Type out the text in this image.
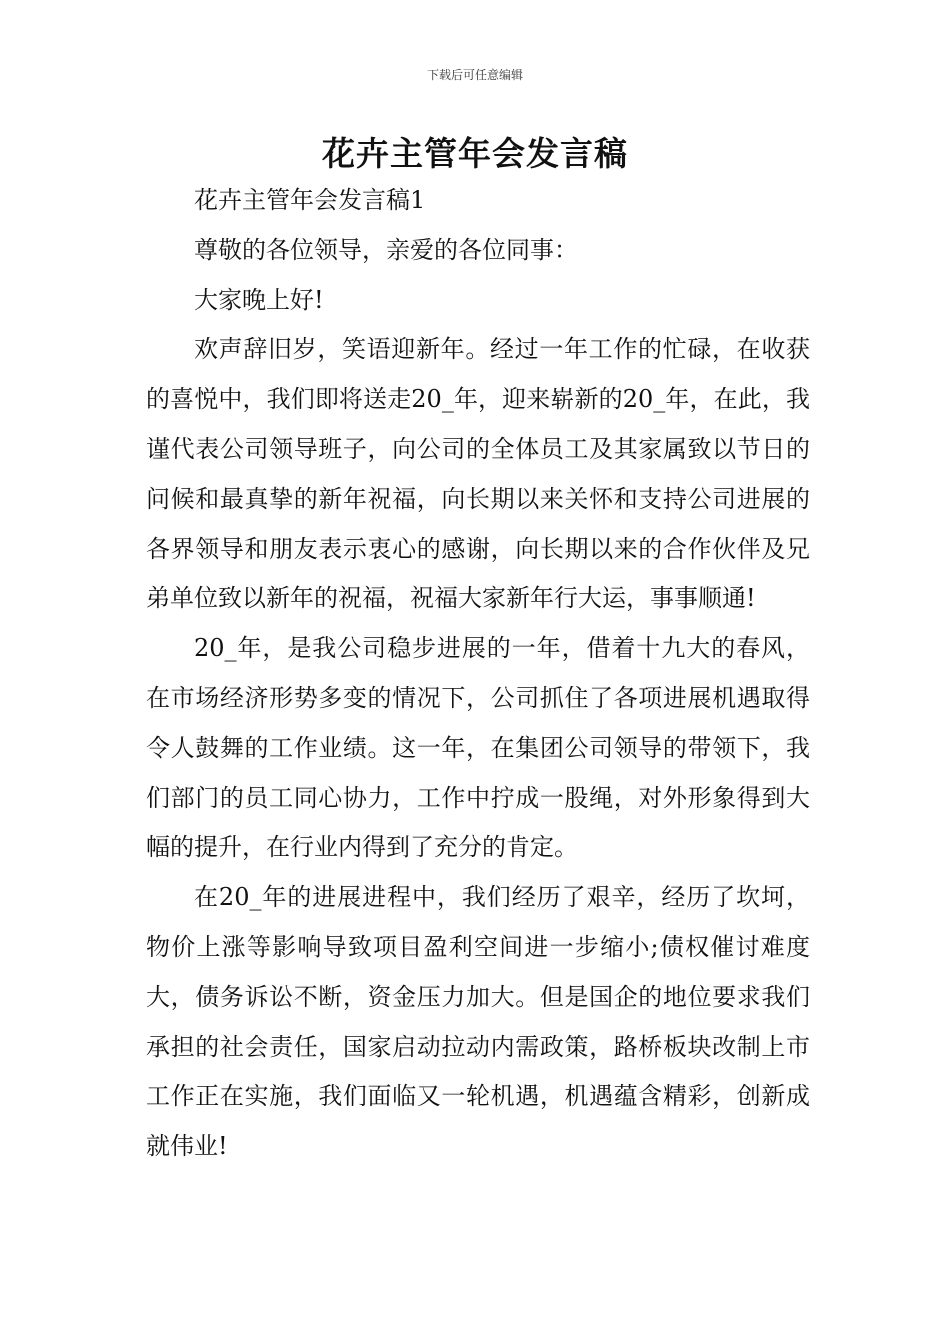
下载后可任意编辑
花卉主管年会发言稿

花卉主管年会发言稿1

尊敬的各位领导，亲爱的各位同事：

大家晚上好!

欢声辞旧岁，笑语迎新年。经过一年工作的忙碌，在收获的喜悦中，我们即将送走20_年，迎来崭新的20_年，在此，我谨代表公司领导班子，向公司的全体员工及其家属致以节日的问候和最真挚的新年祝福，向长期以来关怀和支持公司进展的各界领导和朋友表示衷心的感谢，向长期以来的合作伙伴及兄弟单位致以新年的祝福，祝福大家新年行大运，事事顺通!

20_年，是我公司稳步进展的一年，借着十九大的春风，在市场经济形势多变的情况下，公司抓住了各项进展机遇取得令人鼓舞的工作业绩。这一年，在集团公司领导的带领下，我们部门的员工同心协力，工作中拧成一股绳，对外形象得到大幅的提升，在行业内得到了充分的肯定。

在20_年的进展进程中，我们经历了艰辛，经历了坎坷，物价上涨等影响导致项目盈利空间进一步缩小;债权催讨难度大，债务诉讼不断，资金压力加大。但是国企的地位要求我们承担的社会责任，国家启动拉动内需政策，路桥板块改制上市工作正在实施，我们面临又一轮机遇，机遇蕴含精彩，创新成就伟业!
